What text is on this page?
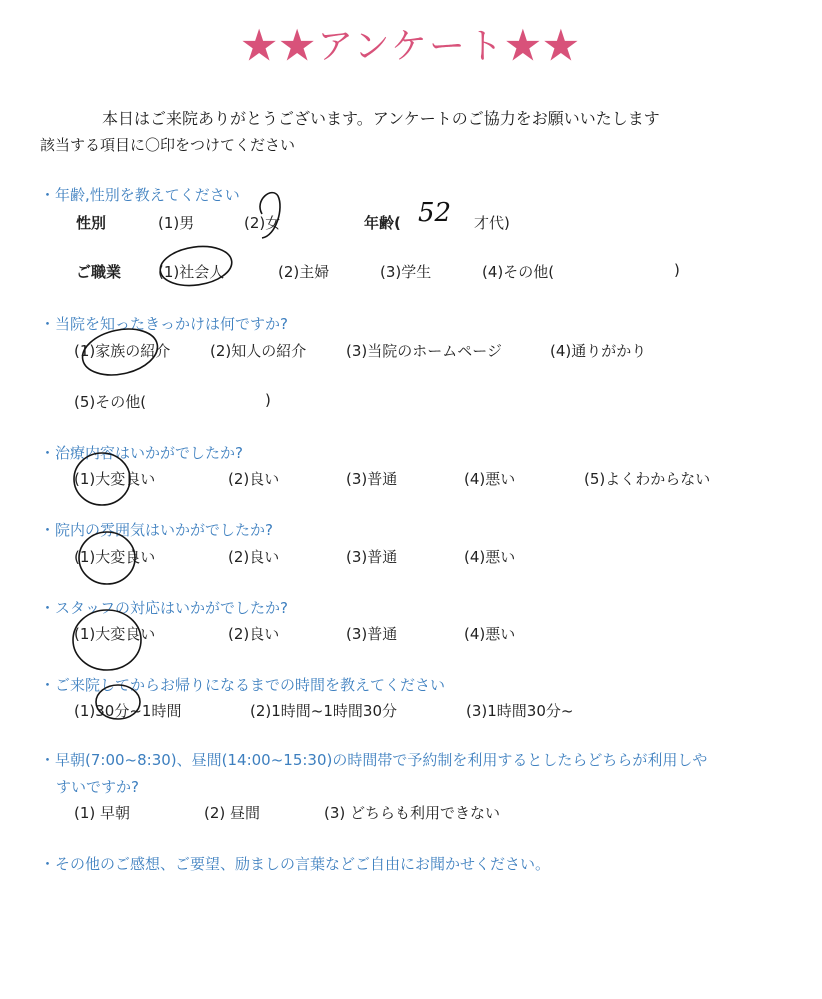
★★アンケート★★
本日はご来院ありがとうございます。アンケートのご協力をお願いいたします
該当する項目に〇印をつけてください
・年齢,性別を教えてください
性別	(1)男	(2)女	年齢( 52 才代)
ご職業 (1)社会人	(2)主婦	(3)学生	(4)その他(	)
・当院を知ったきっかけは何ですか?
(1)家族の紹介	(2)知人の紹介	(3)当院のホームページ	(4)通りがかり
(5)その他(	)
・治療内容はいかがでしたか?
(1)大変良い	(2)良い	(3)普通	(4)悪い	(5)よくわからない
・院内の雰囲気はいかがでしたか?
(1)大変良い	(2)良い	(3)普通	(4)悪い
・スタッフの対応はいかがでしたか?
(1)大変良い	(2)良い	(3)普通	(4)悪い
・ご来院してからお帰りになるまでの時間を教えてください
(1)30分~1時間	(2)1時間~1時間30分	(3)1時間30分~
・早朝(7:00~8:30)、昼間(14:00~15:30)の時間帯で予約制を利用するとしたらどちらが利用しや
すいですか?
(1) 早朝	(2) 昼間	(3) どちらも利用できない
・その他のご感想、ご要望、励ましの言葉などご自由にお聞かせください。
